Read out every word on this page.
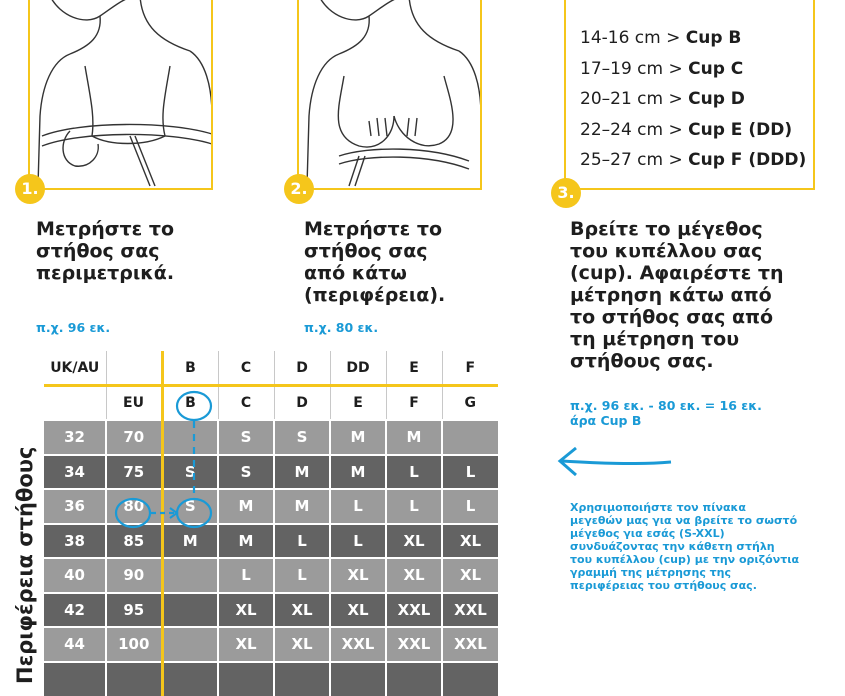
1.	2.
14-16 cm > Cup B
17–19 cm > Cup C
20–21 cm > Cup D
22–24 cm > Cup E (DD)
25–27 cm > Cup F (DDD)
3.
Μετρήστε το
στήθος σας
περιμετρικά.
π.χ. 96 εκ.
Μετρήστε το
στήθος σας
από κάτω
(περιφέρεια).
π.χ. 80 εκ.
Βρείτε το μέγεθος
του κυπέλλου σας
(cup). Αφαιρέστε τη
μέτρηση κάτω από
το στήθος σας από
τη μέτρηση του
στήθους σας.
π.χ. 96 εκ. - 80 εκ. = 16 εκ.
άρα Cup B
Χρησιμοποιήστε τον πίνακα μεγεθών μας για να βρείτε το σωστό μέγεθος για εσάς (S-XXL) συνδυάζοντας την κάθετη στήλη του κυπέλλου (cup) με την οριζόντια γραμμή της μέτρησης της περιφέρειας του στήθους σας.
UK/AU		B	C	D	DD	E	F
	EU	B	C	D	E	F	G
32	70		S	S	M	M	
34	75	S	S	M	M	L	L
36	80	S	M	M	L	L	L
38	85	M	M	L	L	XL	XL
40	90		L	L	XL	XL	XL
42	95		XL	XL	XL	XXL	XXL
44	100		XL	XL	XXL	XXL	XXL

Περιφέρεια στήθους
